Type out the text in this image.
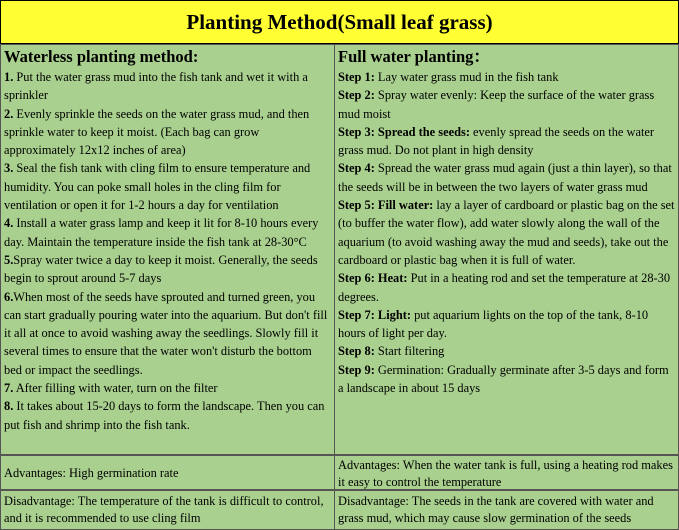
Planting Method(Small leaf grass)
Waterless planting method:

1. Put the water grass mud into the fish tank and wet it with a sprinkler

2. Evenly sprinkle the seeds on the water grass mud, and then sprinkle water to keep it moist. (Each bag can grow approximately 12x12 inches of area)

3. Seal the fish tank with cling film to ensure temperature and humidity. You can poke small holes in the cling film for ventilation or open it for 1-2 hours a day for ventilation

4. Install a water grass lamp and keep it lit for 8-10 hours every day. Maintain the temperature inside the fish tank at 28-30°C

5.Spray water twice a day to keep it moist. Generally, the seeds begin to sprout around 5-7 days

6.When most of the seeds have sprouted and turned green, you can start gradually pouring water into the aquarium. But don't fill it all at once to avoid washing away the seedlings. Slowly fill it several times to ensure that the water won't disturb the bottom bed or impact the seedlings.

7. After filling with water, turn on the filter

8. It takes about 15-20 days to form the landscape. Then you can put fish and shrimp into the fish tank.

Full water planting：

Step 1: Lay water grass mud in the fish tank

Step 2: Spray water evenly: Keep the surface of the water grass mud moist

Step 3: Spread the seeds: evenly spread the seeds on the water grass mud. Do not plant in high density

Step 4: Spread the water grass mud again (just a thin layer), so that the seeds will be in between the two layers of water grass mud

Step 5: Fill water: lay a layer of cardboard or plastic bag on the set (to buffer the water flow), add water slowly along the wall of the aquarium (to avoid washing away the mud and seeds), take out the cardboard or plastic bag when it is full of water.

Step 6: Heat: Put in a heating rod and set the temperature at 28-30 degrees.

Step 7: Light: put aquarium lights on the top of the tank, 8-10 hours of light per day.

Step 8: Start filtering

Step 9: Germination: Gradually germinate after 3-5 days and form a landscape in about 15 days

Advantages: High germination rate
Advantages: When the water tank is full, using a heating rod makes it easy to control the temperature
Disadvantage: The temperature of the tank is difficult to control, and it is recommended to use cling film
Disadvantage: The seeds in the tank are covered with water and grass mud, which may cause slow germination of the seeds
